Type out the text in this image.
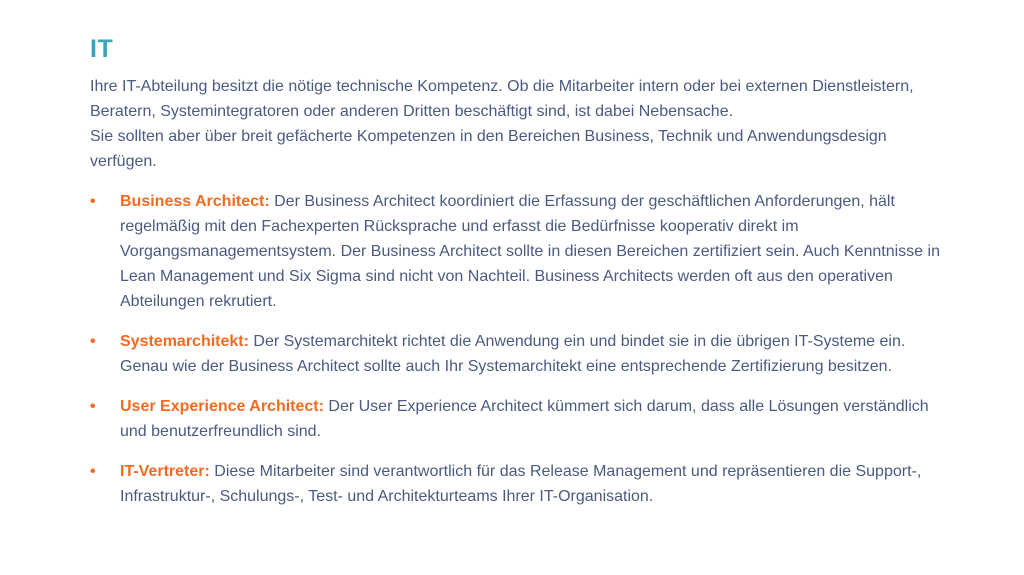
IT

Ihre IT-Abteilung besitzt die nötige technische Kompetenz. Ob die Mitarbeiter intern oder bei externen Dienstleistern, Beratern, Systemintegratoren oder anderen Dritten beschäftigt sind, ist dabei Nebensache.
Sie sollten aber über breit gefächerte Kompetenzen in den Bereichen Business, Technik und Anwendungsdesign verfügen.

• Business Architect: Der Business Architect koordiniert die Erfassung der geschäftlichen Anforderungen, hält regelmäßig mit den Fachexperten Rücksprache und erfasst die Bedürfnisse kooperativ direkt im Vorgangsmanagementsystem. Der Business Architect sollte in diesen Bereichen zertifiziert sein. Auch Kenntnisse in Lean Management und Six Sigma sind nicht von Nachteil. Business Architects werden oft aus den operativen Abteilungen rekrutiert.
• Systemarchitekt: Der Systemarchitekt richtet die Anwendung ein und bindet sie in die übrigen IT-Systeme ein. Genau wie der Business Architect sollte auch Ihr Systemarchitekt eine entsprechende Zertifizierung besitzen.
• User Experience Architect: Der User Experience Architect kümmert sich darum, dass alle Lösungen verständlich und benutzerfreundlich sind.
• IT-Vertreter: Diese Mitarbeiter sind verantwortlich für das Release Management und repräsentieren die Support-, Infrastruktur-, Schulungs-, Test- und Architekturteams Ihrer IT-Organisation.
